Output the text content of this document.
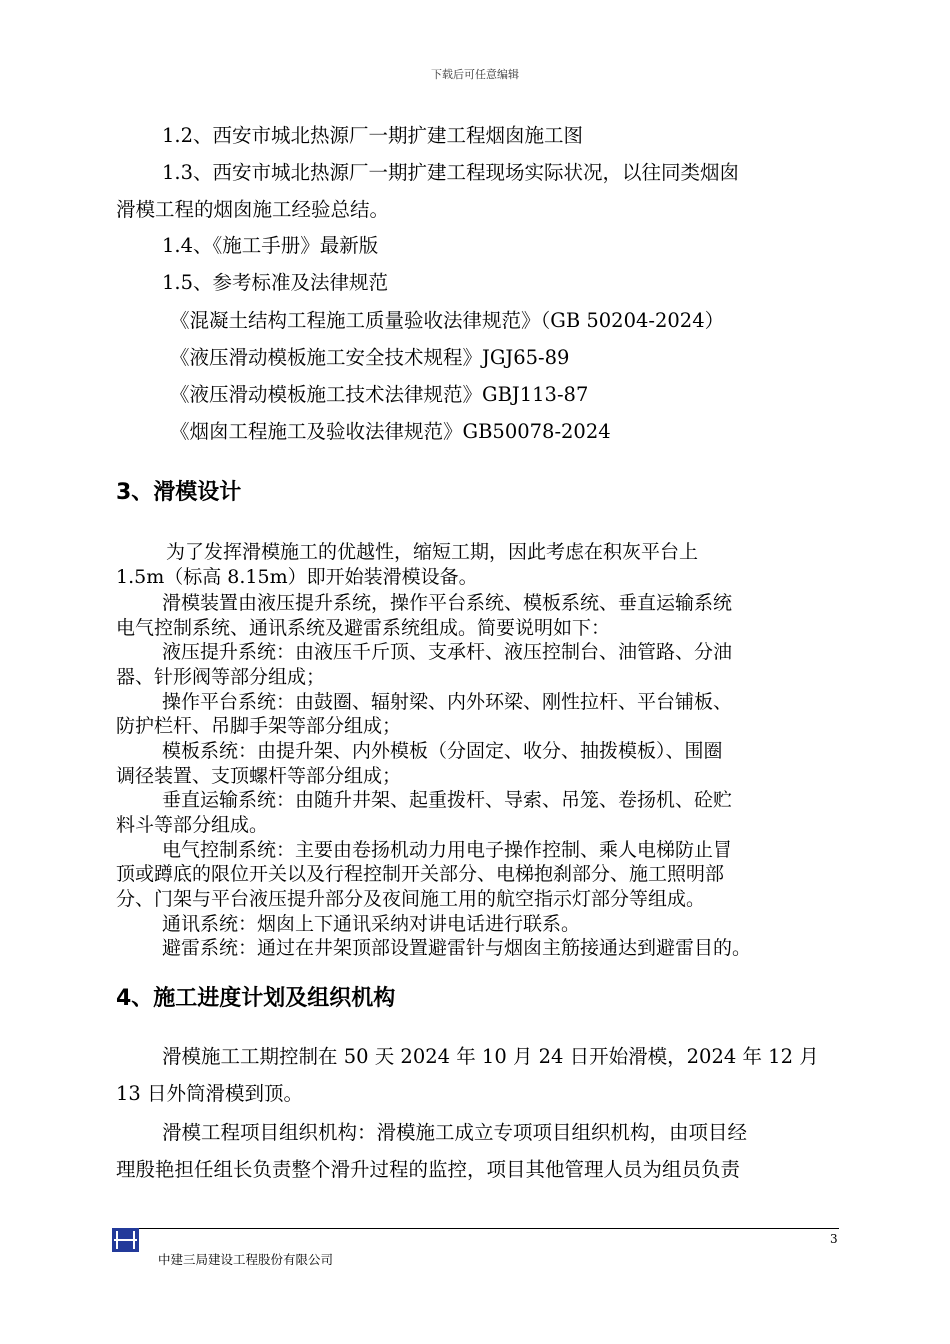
下载后可任意编辑
1.2、西安市城北热源厂一期扩建工程烟囱施工图
1.3、西安市城北热源厂一期扩建工程现场实际状况，以往同类烟囱
滑模工程的烟囱施工经验总结。
1.4、《施工手册》最新版
1.5、参考标准及法律规范
《混凝土结构工程施工质量验收法律规范》（GB 50204-2024）
《液压滑动模板施工安全技术规程》JGJ65-89
《液压滑动模板施工技术法律规范》GBJ113-87
《烟囱工程施工及验收法律规范》GB50078-2024
3、滑模设计
为了发挥滑模施工的优越性，缩短工期，因此考虑在积灰平台上
1.5m（标高 8.15m）即开始装滑模设备。
滑模装置由液压提升系统，操作平台系统、模板系统、垂直运输系统
电气控制系统、通讯系统及避雷系统组成。简要说明如下：
液压提升系统：由液压千斤顶、支承杆、液压控制台、油管路、分油
器、针形阀等部分组成；
操作平台系统：由鼓圈、辐射梁、内外环梁、刚性拉杆、平台铺板、
防护栏杆、吊脚手架等部分组成；
模板系统：由提升架、内外模板（分固定、收分、抽拨模板）、围圈
调径装置、支顶螺杆等部分组成；
垂直运输系统：由随升井架、起重拨杆、导索、吊笼、卷扬机、砼贮
料斗等部分组成。
电气控制系统：主要由卷扬机动力用电子操作控制、乘人电梯防止冒
顶或蹲底的限位开关以及行程控制开关部分、电梯抱刹部分、施工照明部
分、门架与平台液压提升部分及夜间施工用的航空指示灯部分等组成。
通讯系统：烟囱上下通讯采纳对讲电话进行联系。
避雷系统：通过在井架顶部设置避雷针与烟囱主筋接通达到避雷目的。
4、施工进度计划及组织机构
滑模施工工期控制在 50 天 2024 年 10 月 24 日开始滑模，2024 年 12 月
13 日外筒滑模到顶。
滑模工程项目组织机构：滑模施工成立专项项目组织机构，由项目经
理殷艳担任组长负责整个滑升过程的监控，项目其他管理人员为组员负责
3
中建三局建设工程股份有限公司
